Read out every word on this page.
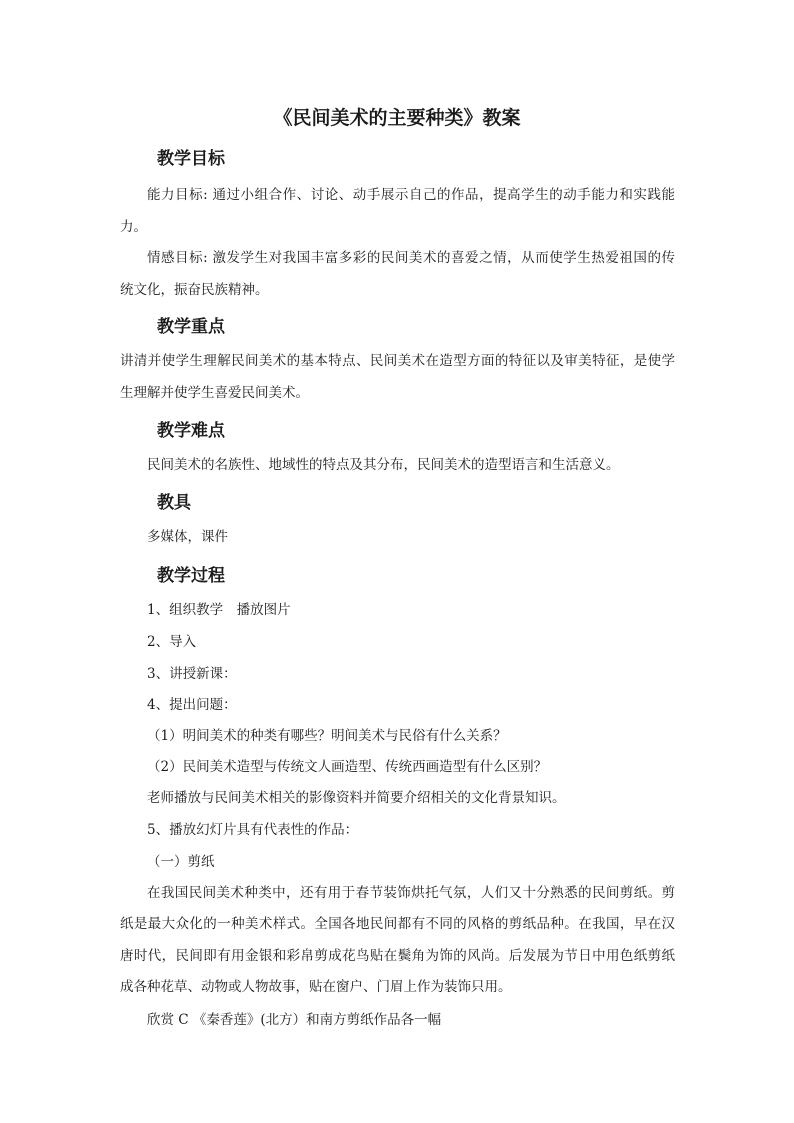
《民间美术的主要种类》教案
教学目标
能力目标: 通过小组合作、讨论、动手展示自己的作品，提高学生的动手能力和实践能
力。
情感目标: 激发学生对我国丰富多彩的民间美术的喜爱之情，从而使学生热爱祖国的传
统文化，振奋民族精神。
教学重点
讲清并使学生理解民间美术的基本特点、民间美术在造型方面的特征以及审美特征，是使学
生理解并使学生喜爱民间美术。
教学难点
民间美术的名族性、地域性的特点及其分布，民间美术的造型语言和生活意义。
教具
多媒体，课件
教学过程
1、组织教学　播放图片
2、导入
3、讲授新课：
4、提出问题：
（1）明间美术的种类有哪些？明间美术与民俗有什么关系？
（2）民间美术造型与传统文人画造型、传统西画造型有什么区别？
老师播放与民间美术相关的影像资料并简要介绍相关的文化背景知识。
5、播放幻灯片具有代表性的作品：
（一）剪纸
在我国民间美术种类中，还有用于春节装饰烘托气氛，人们又十分熟悉的民间剪纸。剪
纸是最大众化的一种美术样式。全国各地民间都有不同的风格的剪纸品种。在我国，早在汉
唐时代，民间即有用金银和彩帛剪成花鸟贴在鬓角为饰的风尚。后发展为节日中用色纸剪纸
成各种花草、动物或人物故事，贴在窗户、门眉上作为装饰只用。
欣赏 C 《秦香莲》(北方）和南方剪纸作品各一幅
